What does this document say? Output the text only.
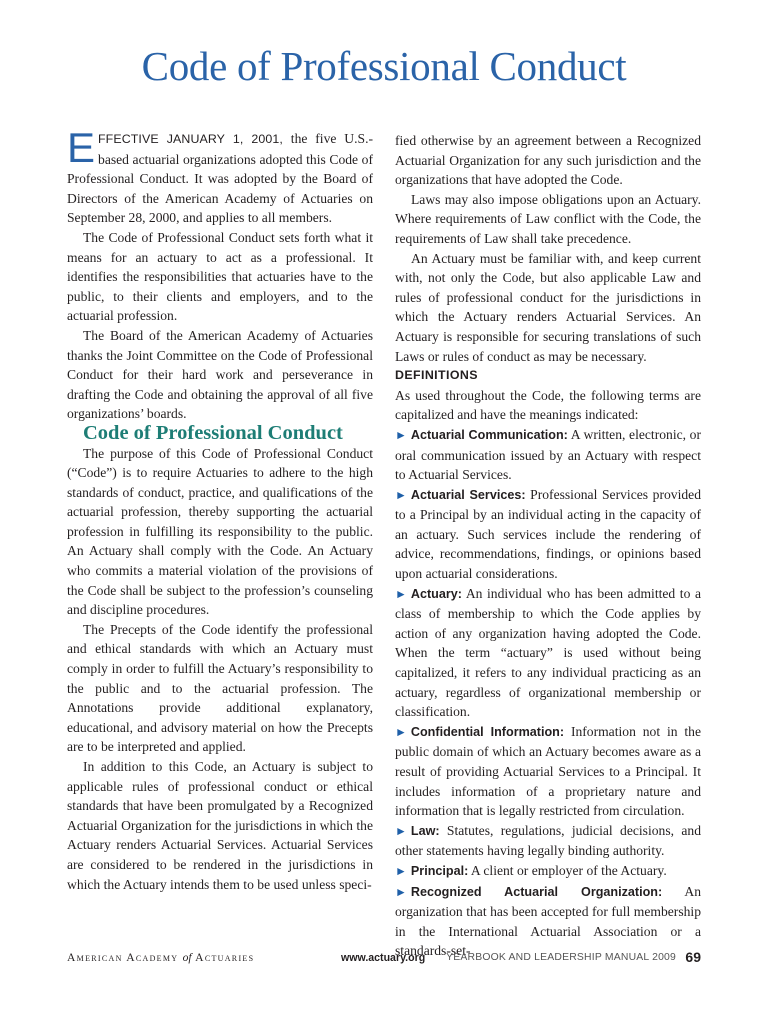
Code of Professional Conduct

EFFECTIVE JANUARY 1, 2001, the five U.S.-based actuarial organizations adopted this Code of Professional Conduct. It was adopted by the Board of Directors of the American Academy of Actuaries on September 28, 2000, and applies to all members.

The Code of Professional Conduct sets forth what it means for an actuary to act as a professional. It identifies the responsibilities that actuaries have to the public, to their clients and employers, and to the actuarial profession.

The Board of the American Academy of Actuaries thanks the Joint Committee on the Code of Professional Conduct for their hard work and perseverance in drafting the Code and obtaining the approval of all five organizations’ boards.

Code of Professional Conduct

The purpose of this Code of Professional Conduct (“Code”) is to require Actuaries to adhere to the high standards of conduct, practice, and qualifications of the actuarial profession, thereby supporting the actuarial profession in fulfilling its responsibility to the public. An Actuary shall comply with the Code. An Actuary who commits a material violation of the provisions of the Code shall be subject to the profession’s counseling and discipline procedures.

The Precepts of the Code identify the professional and ethical standards with which an Actuary must comply in order to fulfill the Actuary’s responsibility to the public and to the actuarial profession. The Annotations provide additional explanatory, educational, and advisory material on how the Precepts are to be interpreted and applied.

In addition to this Code, an Actuary is subject to applicable rules of professional conduct or ethical standards that have been promulgated by a Recognized Actuarial Organization for the jurisdictions in which the Actuary renders Actuarial Services. Actuarial Services are considered to be rendered in the jurisdictions in which the Actuary intends them to be used unless speci-

fied otherwise by an agreement between a Recognized Actuarial Organization for any such jurisdiction and the organizations that have adopted the Code.

Laws may also impose obligations upon an Actuary. Where requirements of Law conflict with the Code, the requirements of Law shall take precedence.

An Actuary must be familiar with, and keep current with, not only the Code, but also applicable Law and rules of professional conduct for the jurisdictions in which the Actuary renders Actuarial Services. An Actuary is responsible for securing translations of such Laws or rules of conduct as may be necessary.

DEFINITIONS

As used throughout the Code, the following terms are capitalized and have the meanings indicated:

► Actuarial Communication: A written, electronic, or oral communication issued by an Actuary with respect to Actuarial Services.

► Actuarial Services: Professional Services provided to a Principal by an individual acting in the capacity of an actuary. Such services include the rendering of advice, recommendations, findings, or opinions based upon actuarial considerations.

► Actuary: An individual who has been admitted to a class of membership to which the Code applies by action of any organization having adopted the Code. When the term “actuary” is used without being capitalized, it refers to any individual practicing as an actuary, regardless of organizational membership or classification.

► Confidential Information: Information not in the public domain of which an Actuary becomes aware as a result of providing Actuarial Services to a Principal. It includes information of a proprietary nature and information that is legally restricted from circulation.

► Law: Statutes, regulations, judicial decisions, and other statements having legally binding authority.

► Principal: A client or employer of the Actuary.

► Recognized Actuarial Organization: An organization that has been accepted for full membership in the International Actuarial Association or a standards-set-

American Academy of Actuaries	www.actuary.org YEARBOOK AND LEADERSHIP MANUAL 2009 69
